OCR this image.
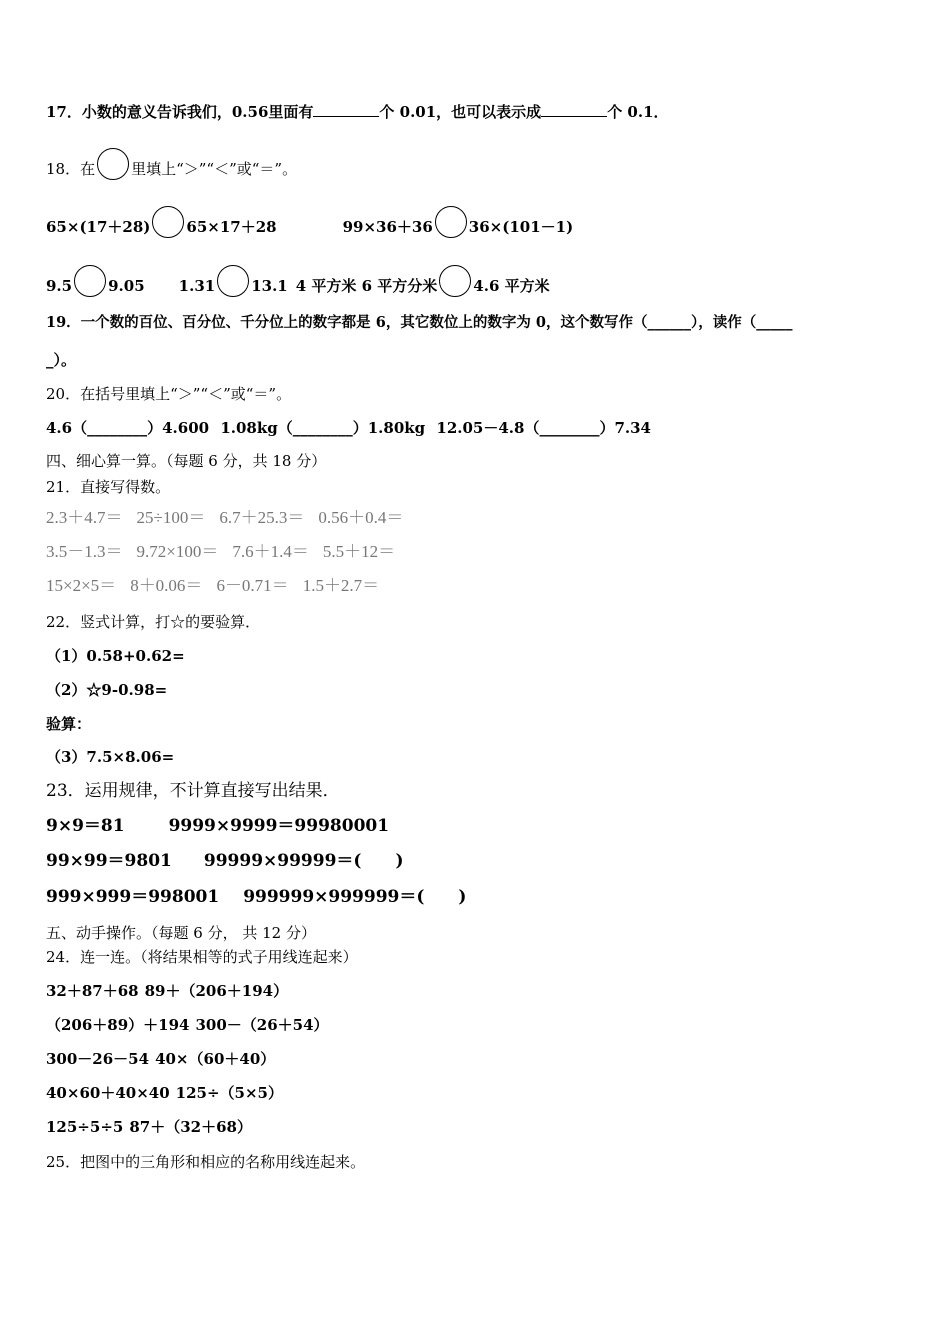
17．小数的意义告诉我们，0.56里面有	个 0.01，也可以表示成	个 0.1．
18．在 里填上“＞”“＜”或“＝”。
65×(17＋28) 65×17＋28	99×36＋36 36×(101－1)
9.5 9.05 1.31 13.1 4 平方米 6 平方分米 4.6 平方米
19．一个数的百位、百分位、千分位上的数字都是 6，其它数位上的数字为 0，这个数写作（______），读作（_____
_）。
20．在括号里填上“＞”“＜”或“＝”。
4.6（________）4.600 1.08kg（________）1.80kg 12.05－4.8（________）7.34
四、细心算一算。（每题 6 分，共 18 分）
21．直接写得数。
2.3＋4.7＝ 25÷100＝ 6.7＋25.3＝ 0.56＋0.4＝
3.5－1.3＝ 9.72×100＝ 7.6＋1.4＝ 5.5＋12＝
15×2×5＝ 8＋0.06＝ 6－0.71＝ 1.5＋2.7＝
22．竖式计算，打☆的要验算．
（1）0.58+0.62=
（2）☆9-0.98=
验算：
（3）7.5×8.06=
23．运用规律，不计算直接写出结果．
9×9＝81	9999×9999＝99980001
99×99＝9801 99999×99999＝(　　)
999×999＝998001 999999×999999＝(　　)
五、动手操作。（每题 6 分， 共 12 分）
24．连一连。（将结果相等的式子用线连起来）
32＋87＋68 89＋（206＋194）
（206＋89）＋194 300－（26＋54）
300－26－54 40×（60＋40）
40×60＋40×40 125÷（5×5）
125÷5÷5 87＋（32＋68）
25．把图中的三角形和相应的名称用线连起来。
